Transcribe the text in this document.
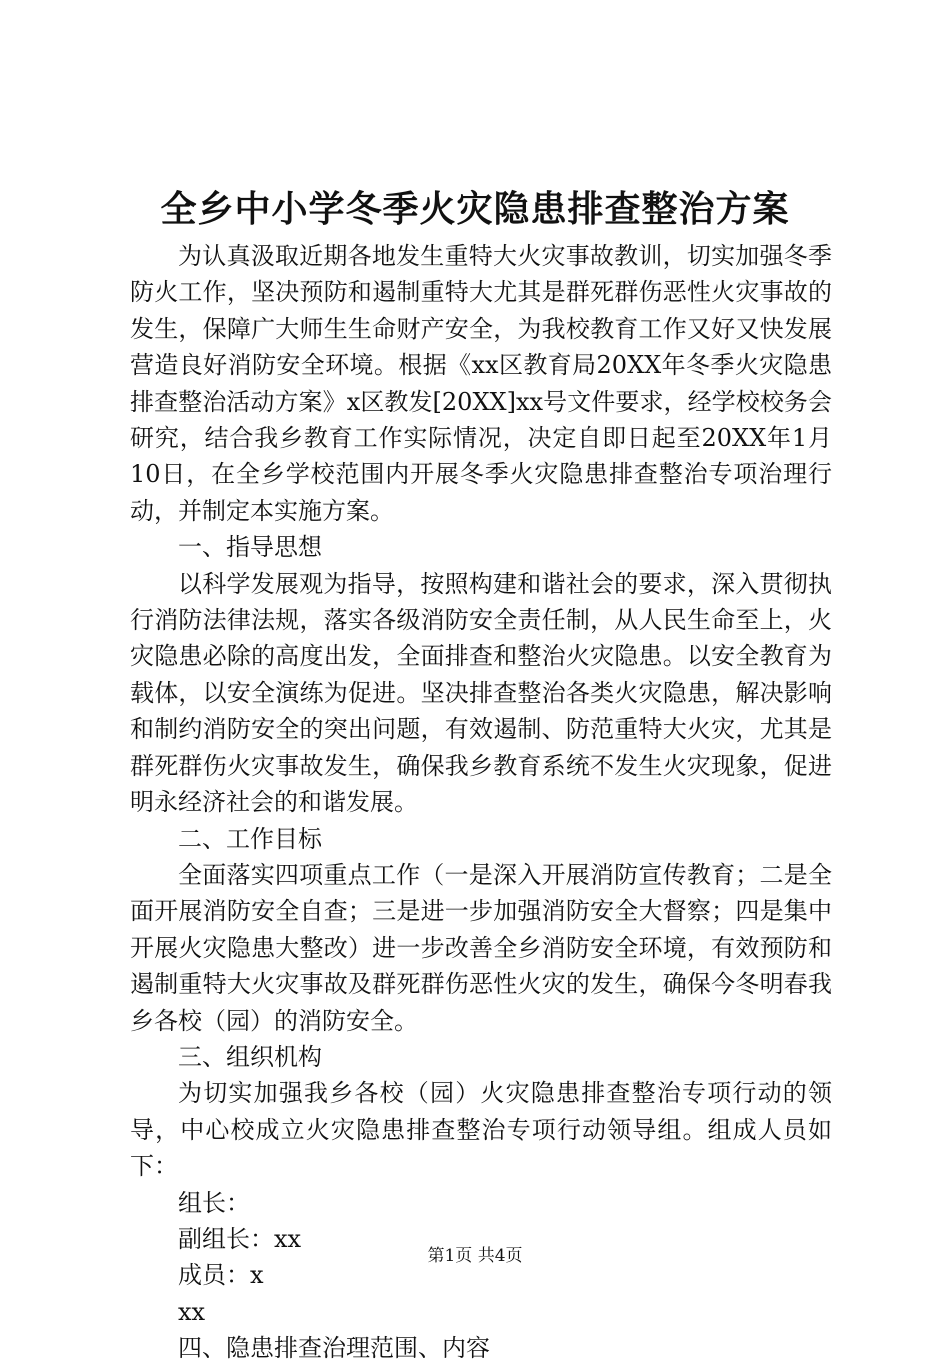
全乡中小学冬季火灾隐患排查整治方案

为认真汲取近期各地发生重特大火灾事故教训，切实加强冬季防火工作，坚决预防和遏制重特大尤其是群死群伤恶性火灾事故的发生，保障广大师生生命财产安全，为我校教育工作又好又快发展营造良好消防安全环境。根据《xx区教育局20XX年冬季火灾隐患排查整治活动方案》x区教发[20XX]xx号文件要求，经学校校务会研究，结合我乡教育工作实际情况，决定自即日起至20XX年1月10日，在全乡学校范围内开展冬季火灾隐患排查整治专项治理行动，并制定本实施方案。

一、指导思想

以科学发展观为指导，按照构建和谐社会的要求，深入贯彻执行消防法律法规，落实各级消防安全责任制，从人民生命至上，火灾隐患必除的高度出发，全面排查和整治火灾隐患。以安全教育为载体，以安全演练为促进。坚决排查整治各类火灾隐患，解决影响和制约消防安全的突出问题，有效遏制、防范重特大火灾，尤其是群死群伤火灾事故发生，确保我乡教育系统不发生火灾现象，促进明永经济社会的和谐发展。

二、工作目标

全面落实四项重点工作（一是深入开展消防宣传教育；二是全面开展消防安全自查；三是进一步加强消防安全大督察；四是集中开展火灾隐患大整改）进一步改善全乡消防安全环境，有效预防和遏制重特大火灾事故及群死群伤恶性火灾的发生，确保今冬明春我乡各校（园）的消防安全。

三、组织机构

为切实加强我乡各校（园）火灾隐患排查整治专项行动的领导，中心校成立火灾隐患排查整治专项行动领导组。组成人员如下：

组长：

副组长：xx

成员：x

xx

四、隐患排查治理范围、内容

第1页 共4页
